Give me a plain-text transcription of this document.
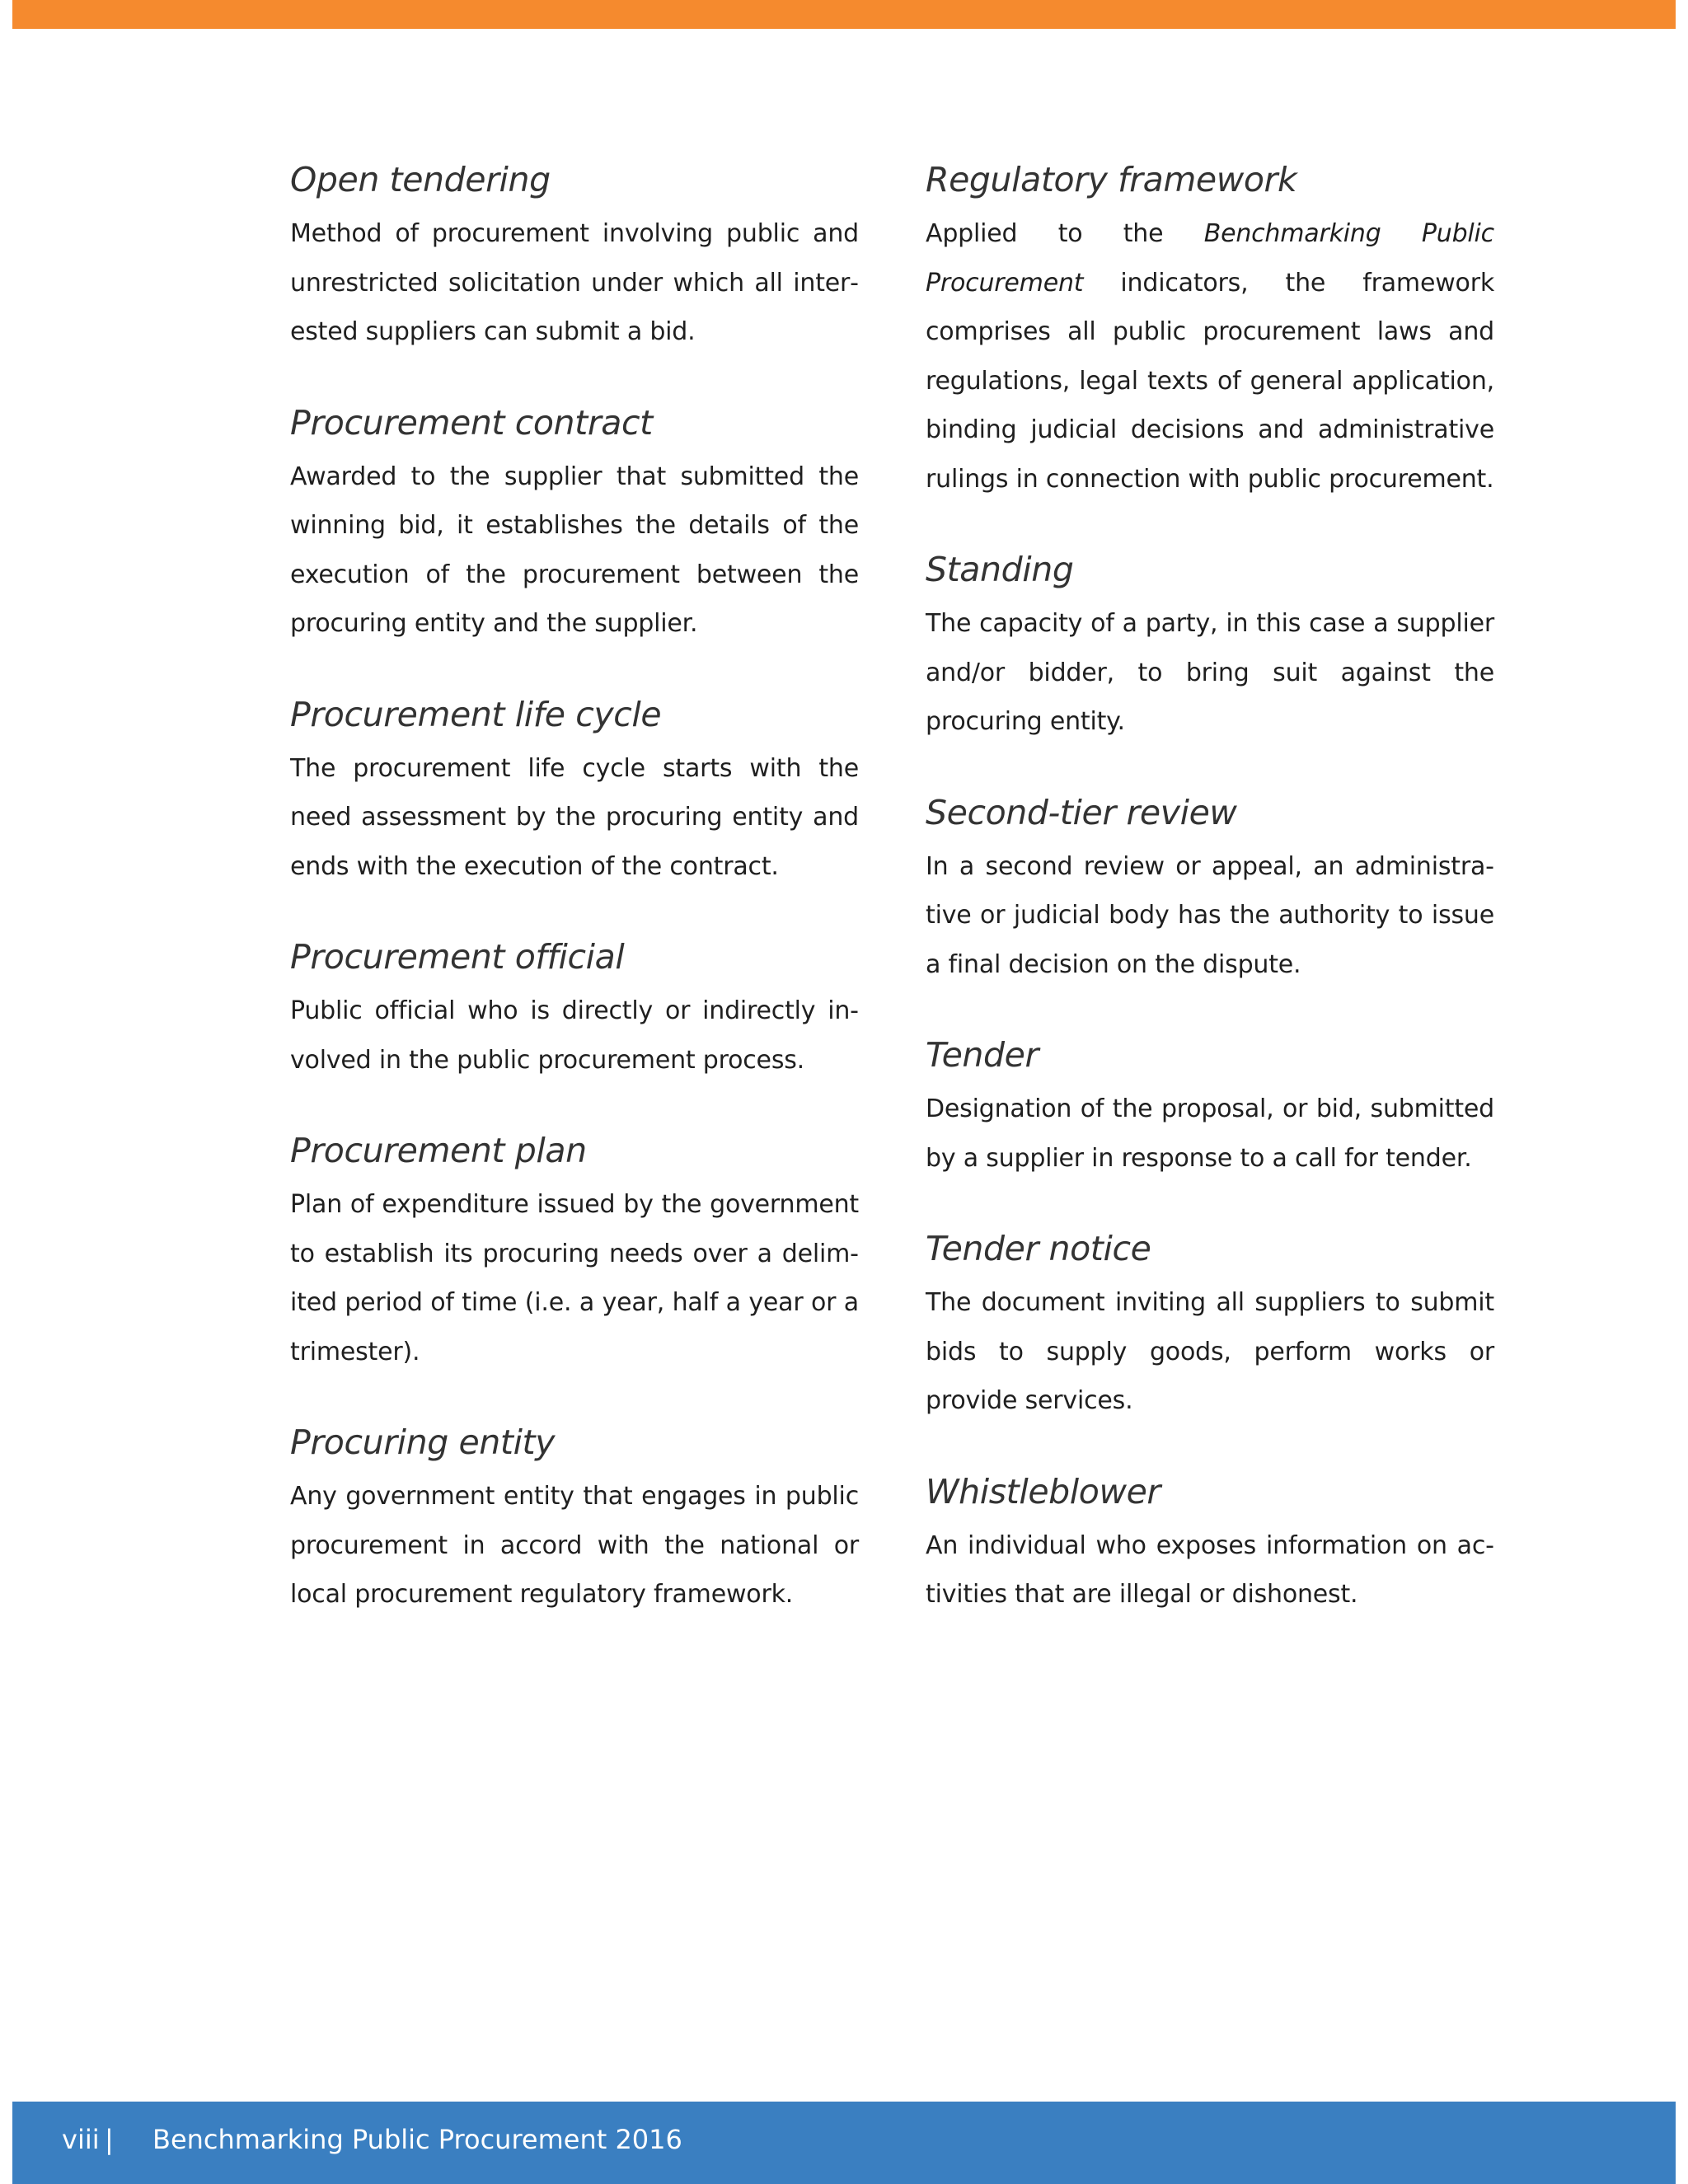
Open tendering

Method of procurement involving public and unrestricted solicitation under which all interested suppliers can submit a bid.

Procurement contract

Awarded to the supplier that submitted the winning bid, it establishes the details of the execution of the procurement between the procuring entity and the supplier.

Procurement life cycle

The procurement life cycle starts with the need assessment by the procuring entity and ends with the execution of the contract.

Procurement official

Public official who is directly or indirectly involved in the public procurement process.

Procurement plan

Plan of expenditure issued by the government to establish its procuring needs over a delimited period of time (i.e. a year, half a year or a trimester).

Procuring entity

Any government entity that engages in public procurement in accord with the national or local procurement regulatory framework.

Regulatory framework

Applied to the Benchmarking Public Procurement indicators, the framework comprises all public procurement laws and regulations, legal texts of general application, binding judicial decisions and administrative rulings in connection with public procurement.

Standing

The capacity of a party, in this case a supplier and/or bidder, to bring suit against the procuring entity.

Second-tier review

In a second review or appeal, an administrative or judicial body has the authority to issue a final decision on the dispute.

Tender

Designation of the proposal, or bid, submitted by a supplier in response to a call for tender.

Tender notice

The document inviting all suppliers to submit bids to supply goods, perform works or provide services.

Whistleblower

An individual who exposes information on activities that are illegal or dishonest.

viii | Benchmarking Public Procurement 2016
